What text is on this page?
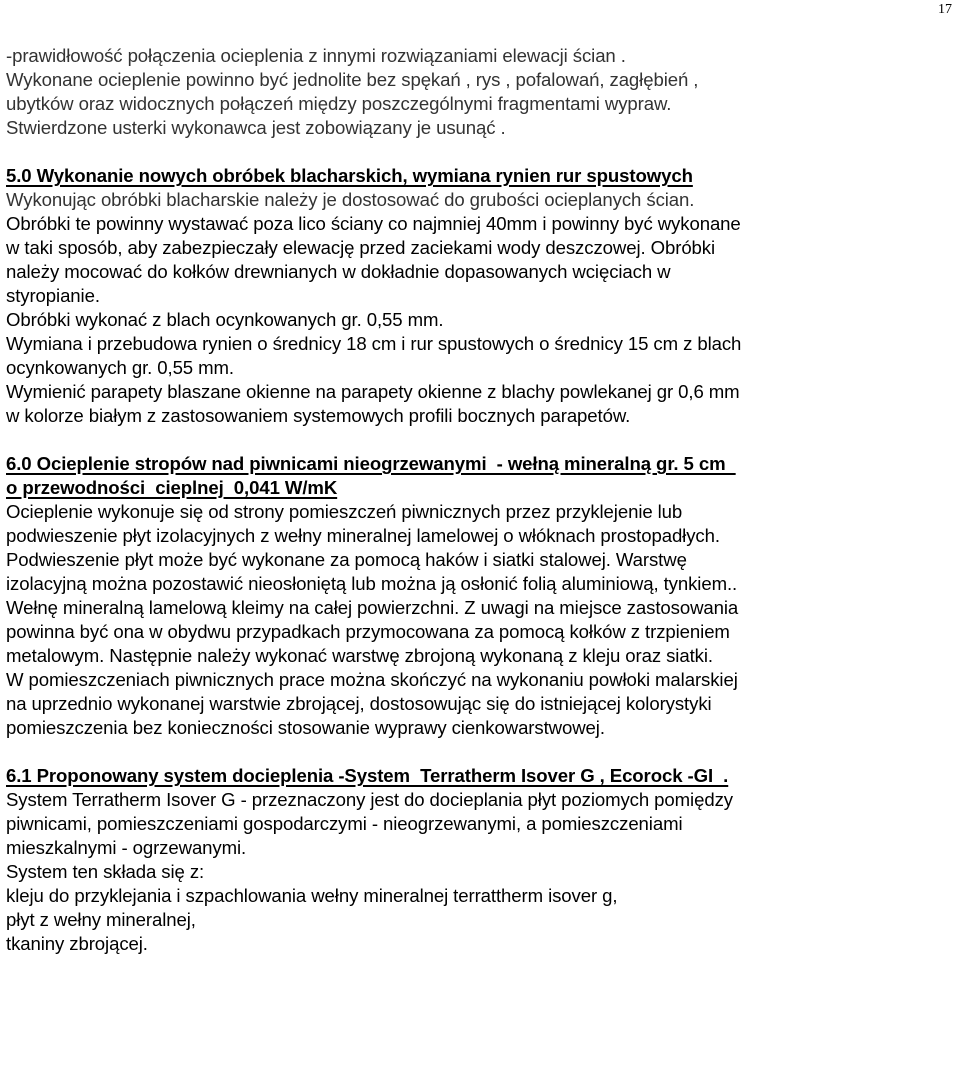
17
-prawidłowość połączenia ocieplenia z innymi rozwiązaniami elewacji ścian .
Wykonane ocieplenie powinno być jednolite bez spękań , rys , pofalowań, zagłębień ,
ubytków oraz widocznych połączeń między poszczególnymi fragmentami wypraw.
Stwierdzone usterki wykonawca jest zobowiązany je usunąć .
5.0 Wykonanie nowych obróbek blacharskich, wymiana rynien rur spustowych
Wykonując obróbki blacharskie należy je dostosować do grubości ocieplanych ścian.
Obróbki te powinny wystawać poza lico ściany co najmniej 40mm i powinny być wykonane
w taki sposób, aby zabezpieczały elewację przed zaciekami wody deszczowej. Obróbki
należy mocować do kołków drewnianych w dokładnie dopasowanych wcięciach w
styropianie.
Obróbki wykonać z blach ocynkowanych gr. 0,55 mm.
Wymiana i przebudowa rynien o średnicy 18 cm i rur spustowych o średnicy 15 cm z blach
ocynkowanych gr. 0,55 mm.
Wymienić parapety blaszane okienne na parapety okienne z blachy powlekanej gr 0,6 mm
w kolorze białym z zastosowaniem systemowych profili bocznych parapetów.
6.0 Ocieplenie stropów nad piwnicami nieogrzewanymi  - wełną mineralną gr. 5 cm
o przewodności  cieplnej  0,041 W/mK
Ocieplenie wykonuje się od strony pomieszczeń piwnicznych przez przyklejenie lub
podwieszenie płyt izolacyjnych z wełny mineralnej lamelowej o włóknach prostopadłych.
Podwieszenie płyt może być wykonane za pomocą haków i siatki stalowej. Warstwę
izolacyjną można pozostawić nieosłoniętą lub można ją osłonić folią aluminiową, tynkiem..
Wełnę mineralną lamelową kleimy na całej powierzchni. Z uwagi na miejsce zastosowania
powinna być ona w obydwu przypadkach przymocowana za pomocą kołków z trzpieniem
metalowym. Następnie należy wykonać warstwę zbrojoną wykonaną z kleju oraz siatki.
W pomieszczeniach piwnicznych prace można skończyć na wykonaniu powłoki malarskiej
na uprzednio wykonanej warstwie zbrojącej, dostosowując się do istniejącej kolorystyki
pomieszczenia bez konieczności stosowanie wyprawy cienkowarstwowej.
6.1 Proponowany system docieplenia -System  Terratherm Isover G , Ecorock -GI  .
System Terratherm Isover G - przeznaczony jest do docieplania płyt poziomych pomiędzy
piwnicami, pomieszczeniami gospodarczymi - nieogrzewanymi, a pomieszczeniami
mieszkalnymi - ogrzewanymi.
System ten składa się z:
kleju do przyklejania i szpachlowania wełny mineralnej terrattherm isover g,
płyt z wełny mineralnej,
tkaniny zbrojącej.
